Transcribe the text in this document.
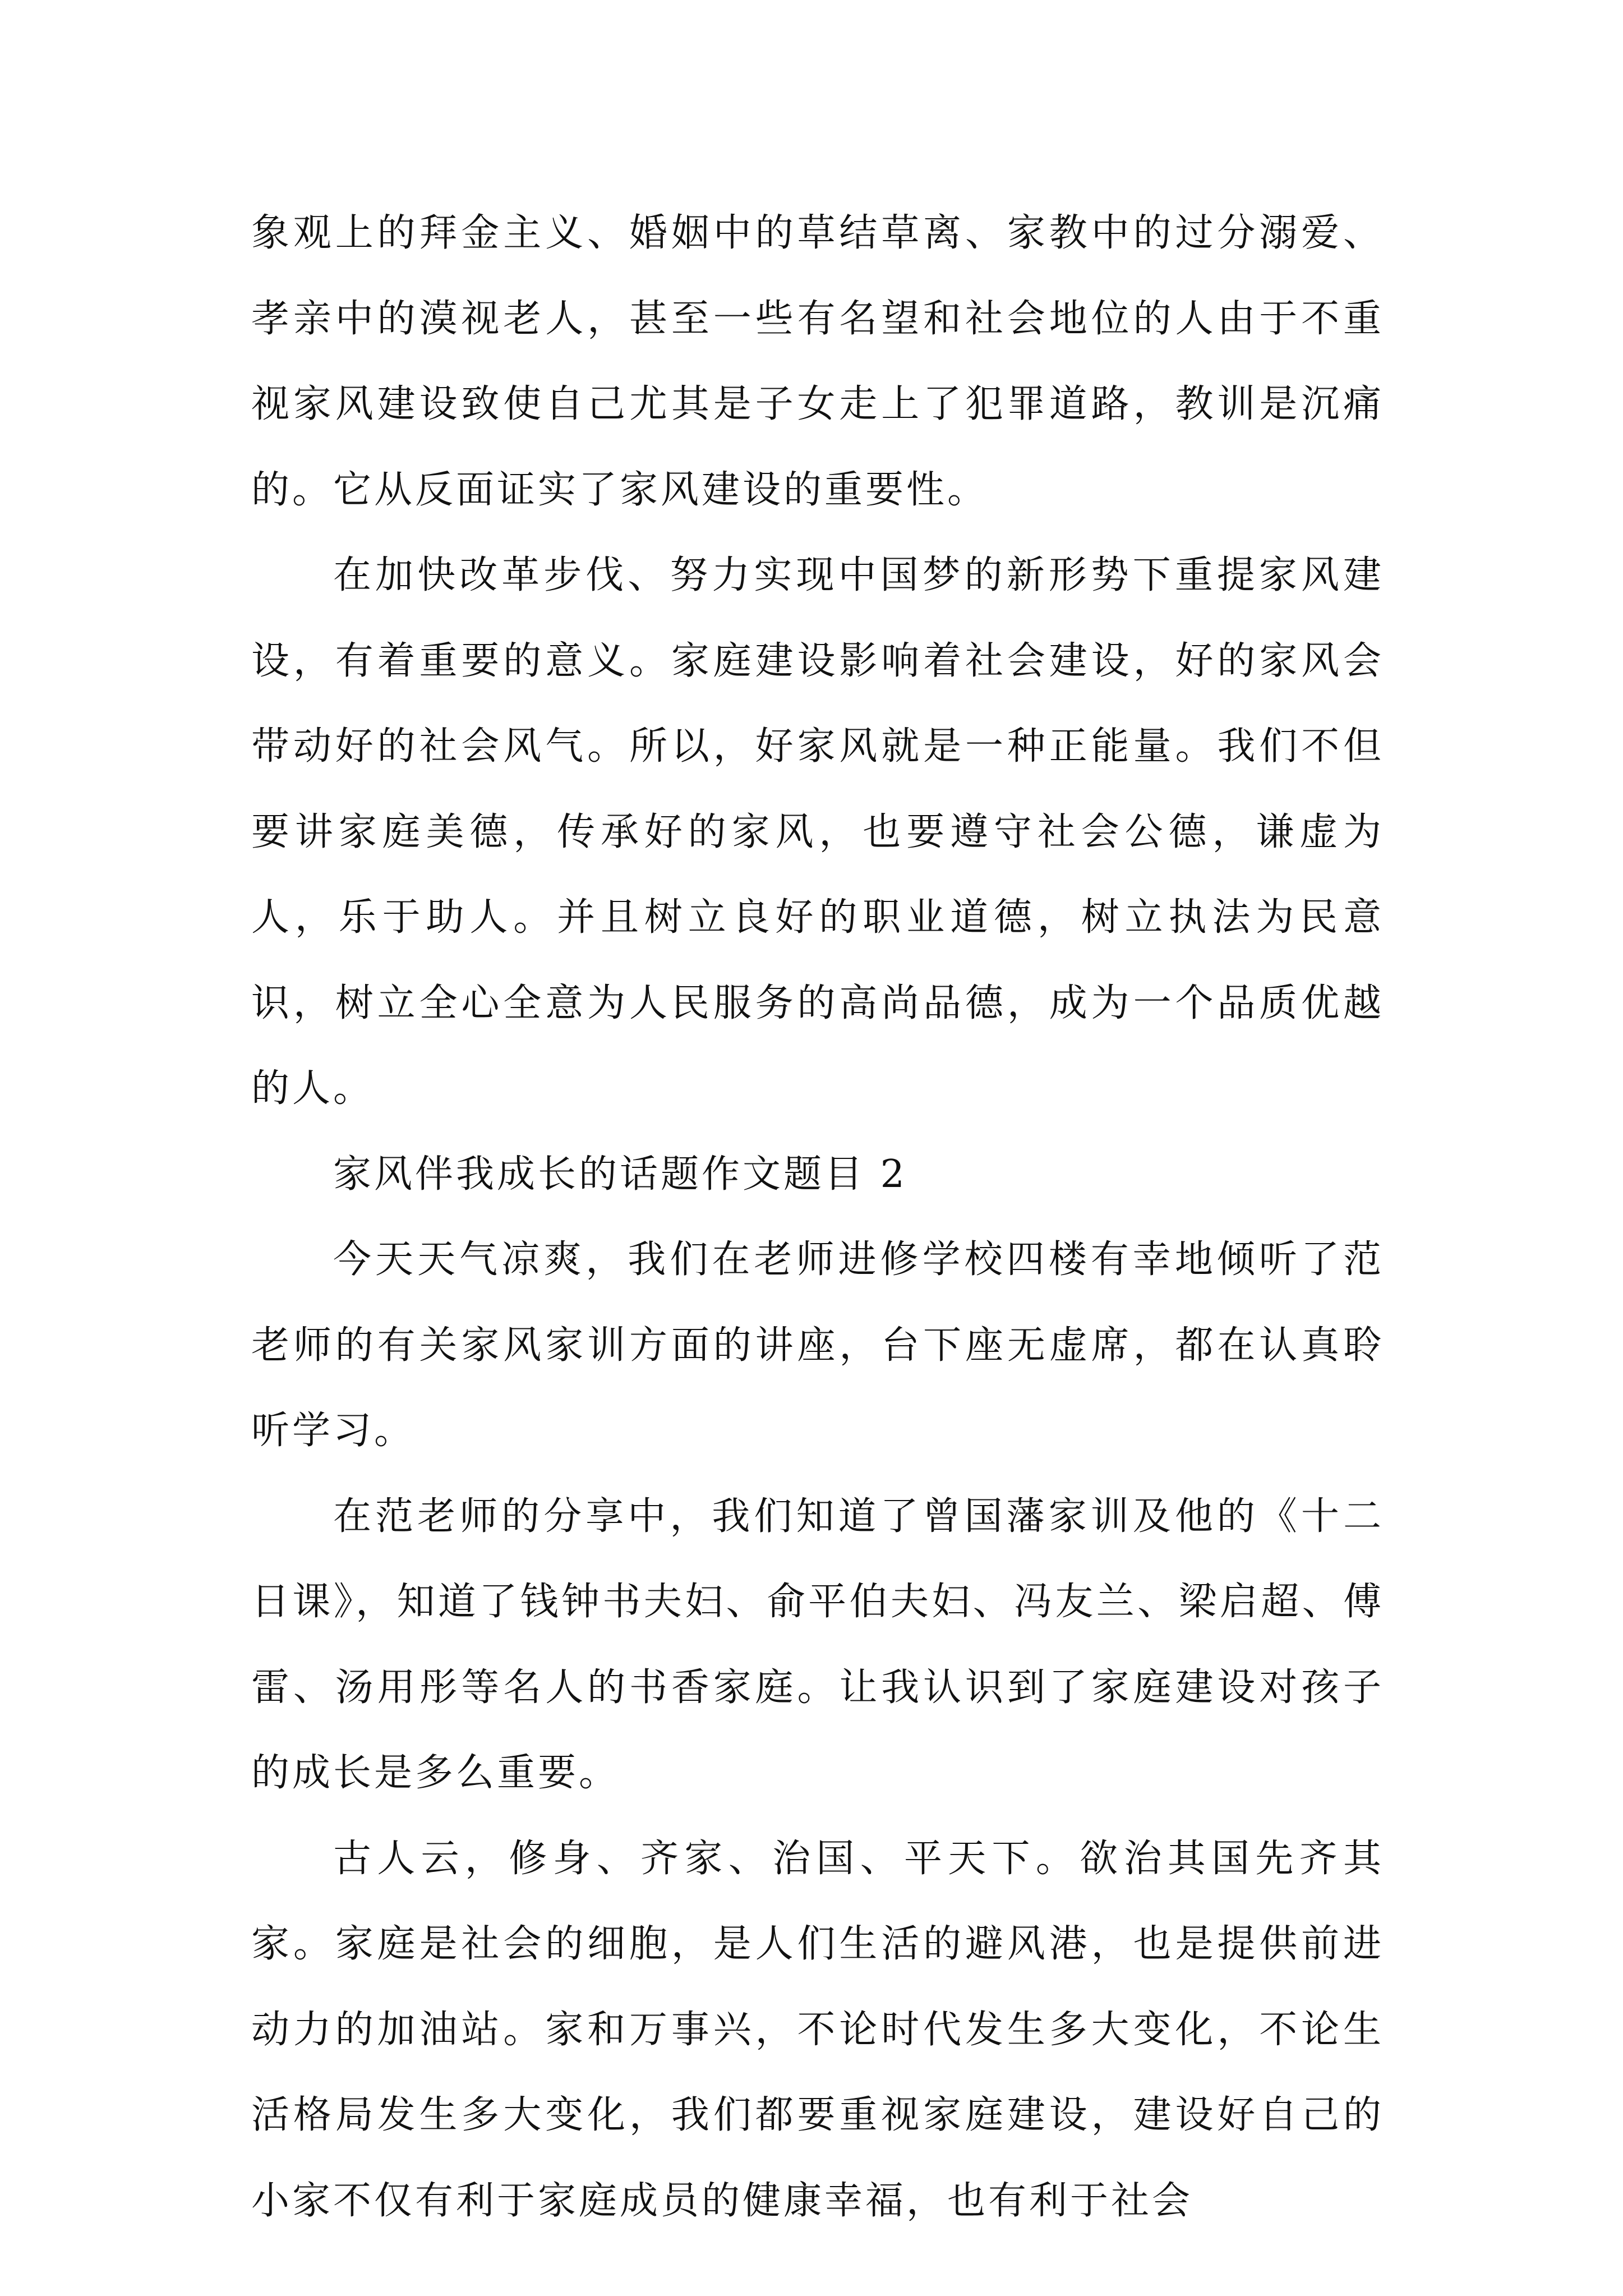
象观上的拜金主义、婚姻中的草结草离、家教中的过分溺爱、孝亲中的漠视老人，甚至一些有名望和社会地位的人由于不重视家风建设致使自己尤其是子女走上了犯罪道路，教训是沉痛的。它从反面证实了家风建设的重要性。

在加快改革步伐、努力实现中国梦的新形势下重提家风建设，有着重要的意义。家庭建设影响着社会建设，好的家风会带动好的社会风气。所以，好家风就是一种正能量。我们不但要讲家庭美德，传承好的家风，也要遵守社会公德，谦虚为人，乐于助人。并且树立良好的职业道德，树立执法为民意识，树立全心全意为人民服务的高尚品德，成为一个品质优越的人。

家风伴我成长的话题作文题目 2

今天天气凉爽，我们在老师进修学校四楼有幸地倾听了范老师的有关家风家训方面的讲座，台下座无虚席，都在认真聆听学习。

在范老师的分享中，我们知道了曾国藩家训及他的《十二日课》，知道了钱钟书夫妇、俞平伯夫妇、冯友兰、梁启超、傅雷、汤用彤等名人的书香家庭。让我认识到了家庭建设对孩子的成长是多么重要。

古人云，修身、齐家、治国、平天下。欲治其国先齐其家。家庭是社会的细胞，是人们生活的避风港，也是提供前进动力的加油站。家和万事兴，不论时代发生多大变化，不论生活格局发生多大变化，我们都要重视家庭建设，建设好自己的小家不仅有利于家庭成员的健康幸福，也有利于社会
